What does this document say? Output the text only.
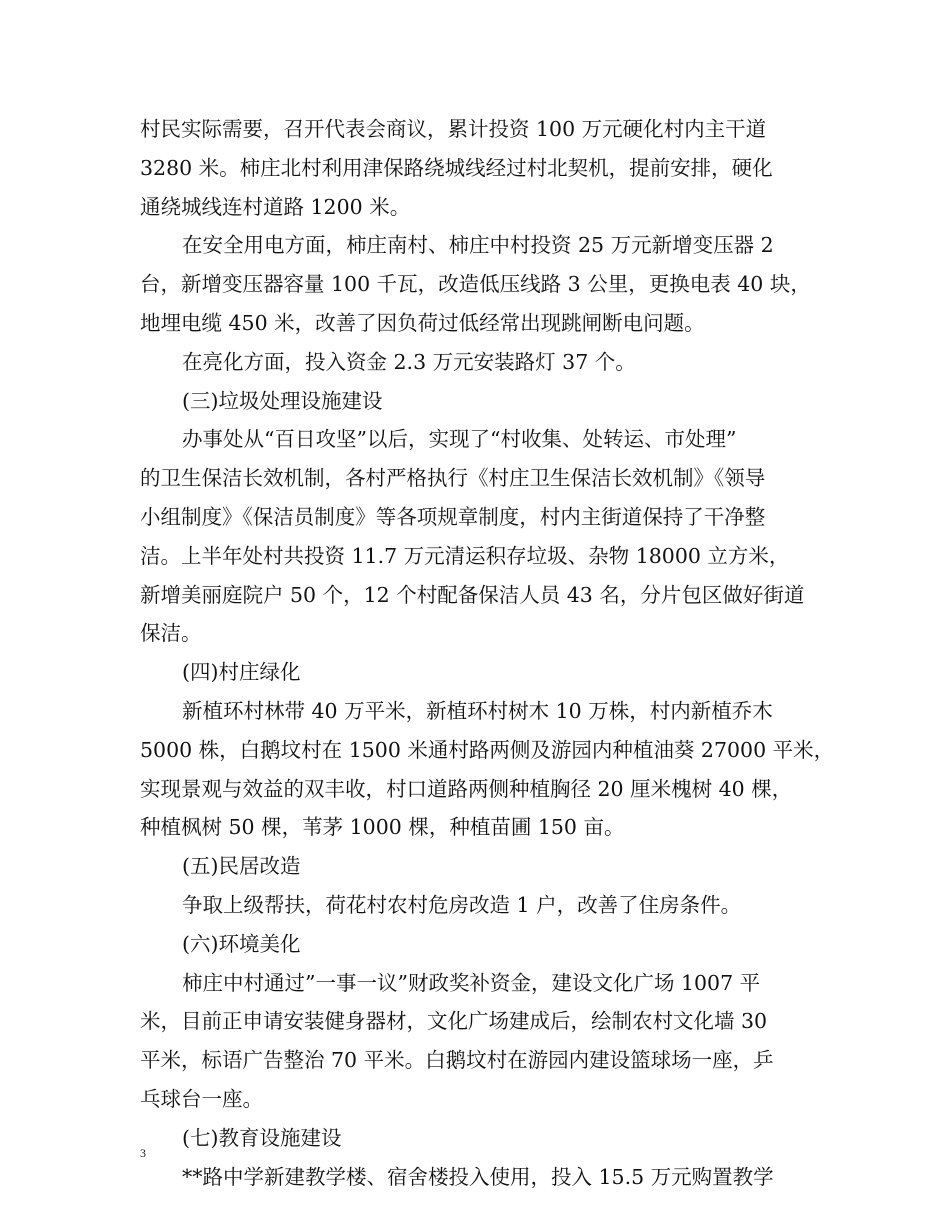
村民实际需要，召开代表会商议，累计投资 100 万元硬化村内主干道
3280 米。柿庄北村利用津保路绕城线经过村北契机，提前安排，硬化
通绕城线连村道路 1200 米。
在安全用电方面，柿庄南村、柿庄中村投资 25 万元新增变压器 2
台，新增变压器容量 100 千瓦，改造低压线路 3 公里，更换电表 40 块，
地埋电缆 450 米，改善了因负荷过低经常出现跳闸断电问题。
在亮化方面，投入资金 2.3 万元安装路灯 37 个。
(三)垃圾处理设施建设
办事处从“百日攻坚”以后，实现了“村收集、处转运、市处理”
的卫生保洁长效机制，各村严格执行《村庄卫生保洁长效机制》《领导
小组制度》《保洁员制度》等各项规章制度，村内主街道保持了干净整
洁。上半年处村共投资 11.7 万元清运积存垃圾、杂物 18000 立方米，
新增美丽庭院户 50 个，12 个村配备保洁人员 43 名，分片包区做好街道
保洁。
(四)村庄绿化
新植环村林带 40 万平米，新植环村树木 10 万株，村内新植乔木
5000 株，白鹅坟村在 1500 米通村路两侧及游园内种植油葵 27000 平米，
实现景观与效益的双丰收，村口道路两侧种植胸径 20 厘米槐树 40 棵，
种植枫树 50 棵，苇茅 1000 棵，种植苗圃 150 亩。
(五)民居改造
争取上级帮扶，荷花村农村危房改造 1 户，改善了住房条件。
(六)环境美化
柿庄中村通过”一事一议”财政奖补资金，建设文化广场 1007 平
米，目前正申请安装健身器材，文化广场建成后，绘制农村文化墙 30
平米，标语广告整治 70 平米。白鹅坟村在游园内建设篮球场一座，乒
乓球台一座。
(七)教育设施建设
**路中学新建教学楼、宿舍楼投入使用，投入 15.5 万元购置教学
3
